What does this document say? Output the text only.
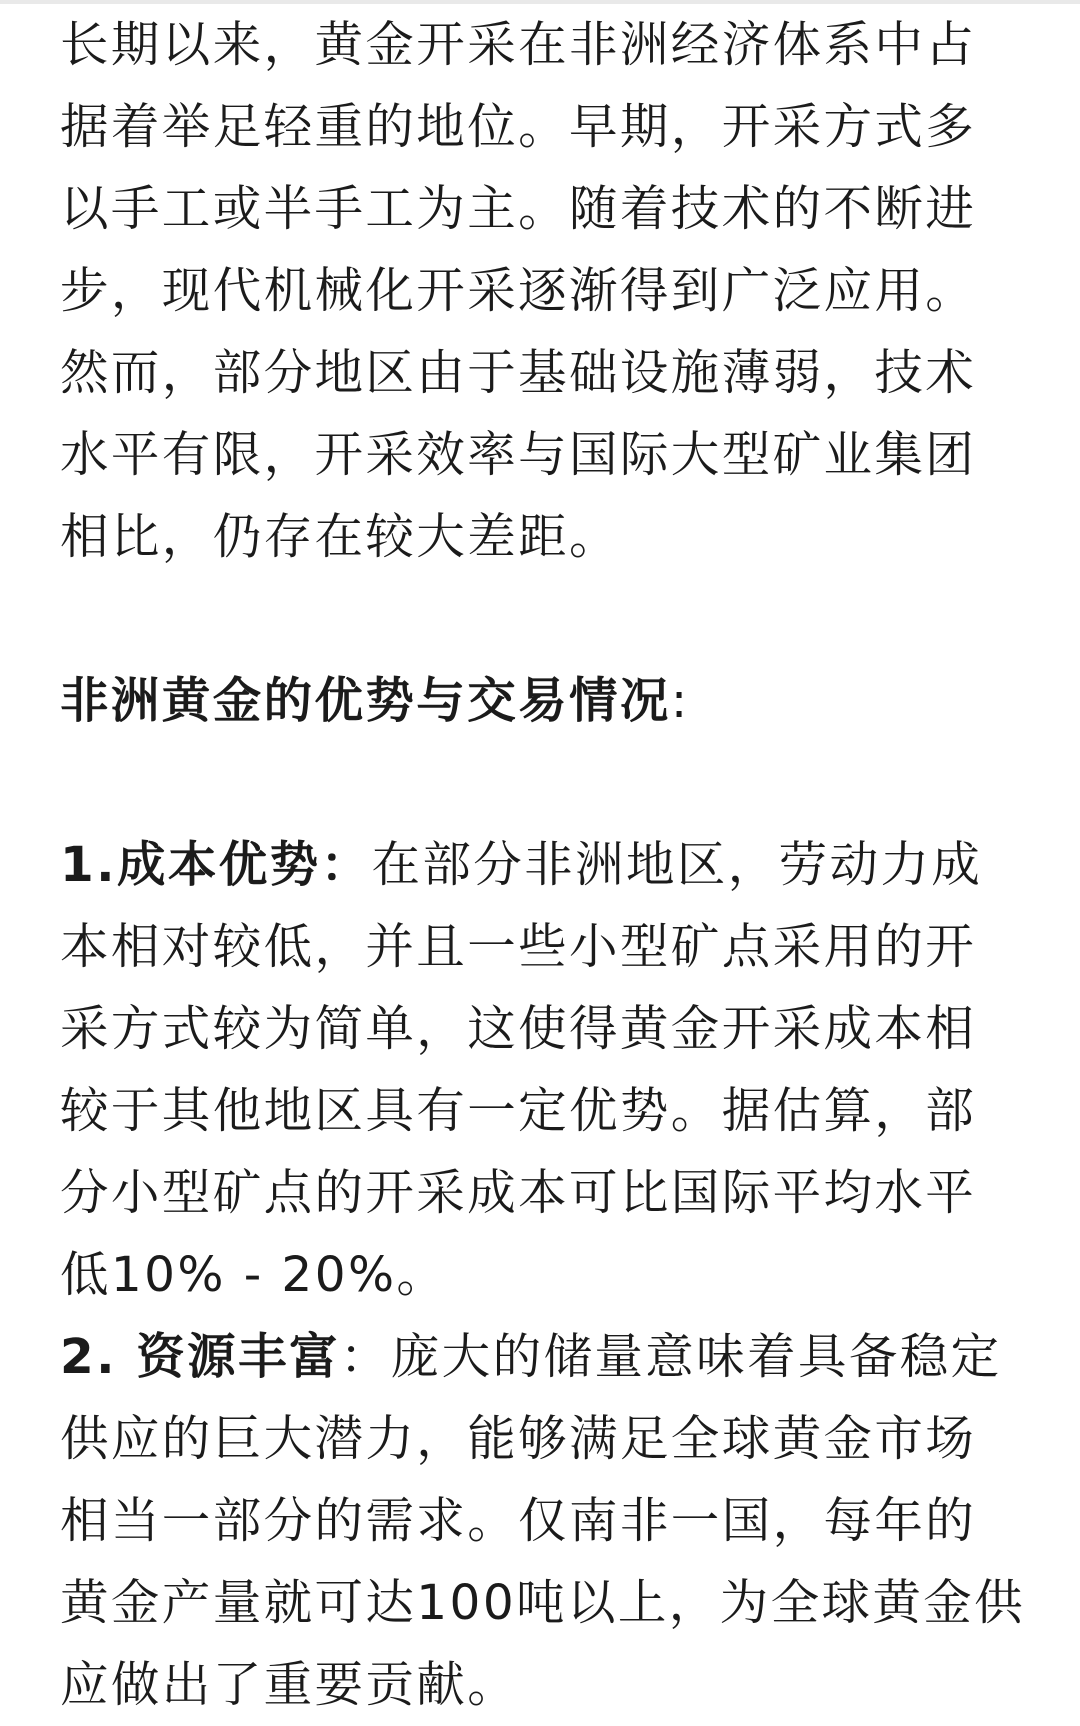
长期以来，黄金开采在非洲经济体系中占据着举足轻重的地位。早期，开采方式多以手工或半手工为主。随着技术的不断进步，现代机械化开采逐渐得到广泛应用。然而，部分地区由于基础设施薄弱，技术水平有限，开采效率与国际大型矿业集团相比，仍存在较大差距。

非洲黄金的优势与交易情况:

1.成本优势：在部分非洲地区，劳动力成本相对较低，并且一些小型矿点采用的开采方式较为简单，这使得黄金开采成本相较于其他地区具有一定优势。据估算，部分小型矿点的开采成本可比国际平均水平低10% - 20%。

2. 资源丰富：庞大的储量意味着具备稳定供应的巨大潜力，能够满足全球黄金市场相当一部分的需求。仅南非一国，每年的黄金产量就可达100吨以上，为全球黄金供应做出了重要贡献。
